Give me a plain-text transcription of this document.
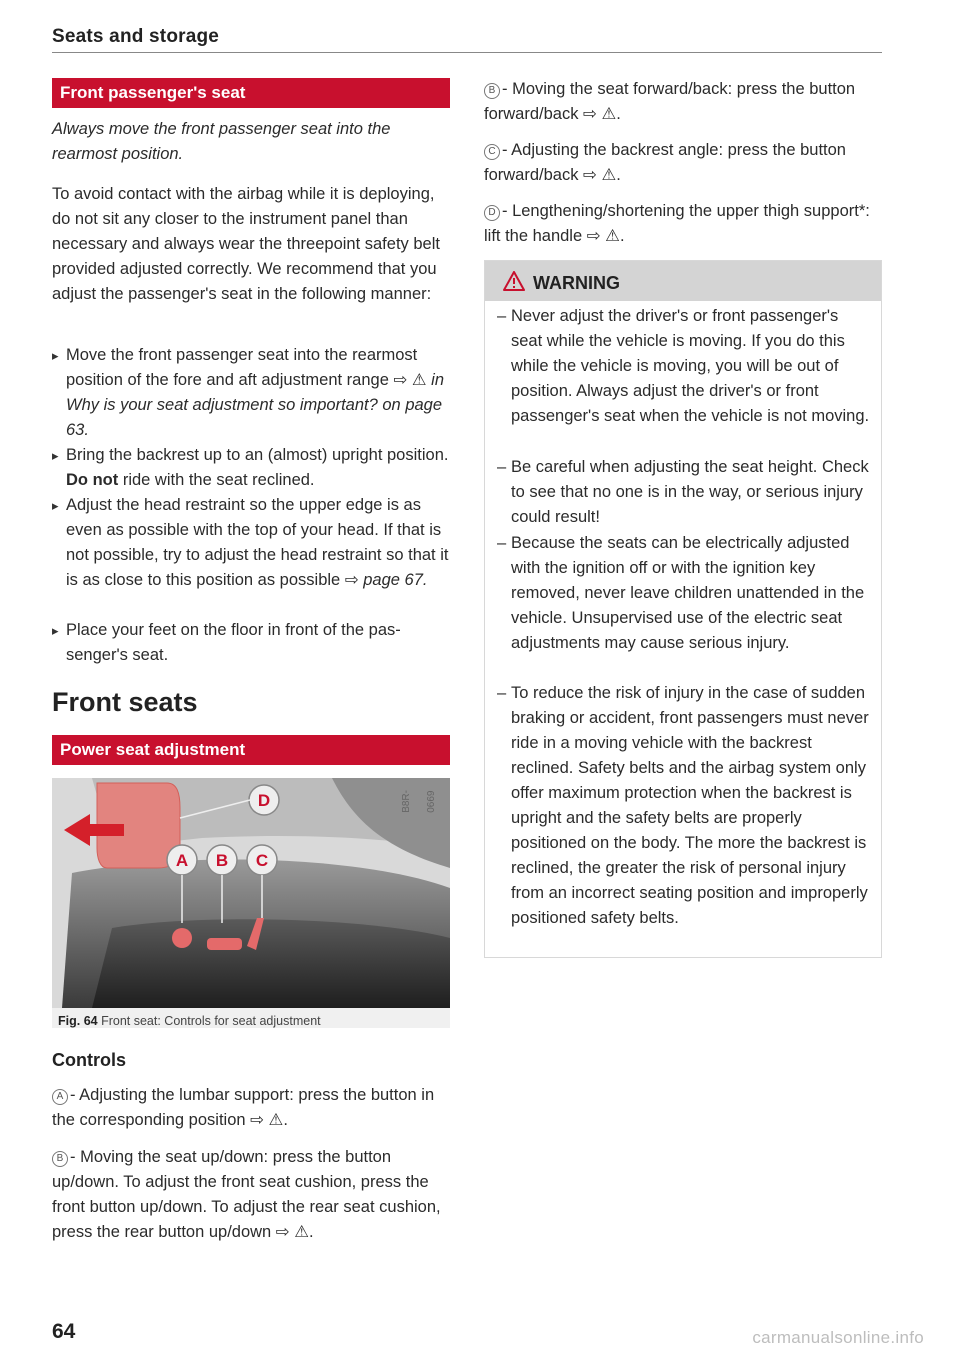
Seats and storage
Front passenger's seat

Always move the front passenger seat into the rearmost position.

To avoid contact with the airbag while it is deploying, do not sit any closer to the instrument panel than necessary and always wear the threepoint safety belt provided adjusted correctly. We recommend that you adjust the passenger's seat in the following manner:

▸ Move the front passenger seat into the rearmost position of the fore and aft adjustment range ⇨ ⚠ in Why is your seat adjustment so important? on page 63.
▸ Bring the backrest up to an (almost) upright position. Do not ride with the seat reclined.
▸ Adjust the head restraint so the upper edge is as even as possible with the top of your head. If that is not possible, try to adjust the head restraint so that it is as close to this position as possible ⇨ page 67.
▸ Place your feet on the floor in front of the passenger's seat.
Front seats
Power seat adjustment
A B C
D	B8R-0669
Fig. 64 Front seat: Controls for seat adjustment
Controls

A - Adjusting the lumbar support: press the button in the corresponding position ⇨ ⚠.

B - Moving the seat up/down: press the button up/down. To adjust the front seat cushion, press the front button up/down. To adjust the rear seat cushion, press the rear button up/down ⇨ ⚠.

B - Moving the seat forward/back: press the button forward/back ⇨ ⚠.

C - Adjusting the backrest angle: press the button forward/back ⇨ ⚠.

D - Lengthening/shortening the upper thigh support*: lift the handle ⇨ ⚠.

WARNING
– Never adjust the driver's or front passenger's seat while the vehicle is moving. If you do this while the vehicle is moving, you will be out of position. Always adjust the driver's or front passenger's seat when the vehicle is not moving.
– Be careful when adjusting the seat height. Check to see that no one is in the way, or serious injury could result!
– Because the seats can be electrically adjusted with the ignition off or with the ignition key removed, never leave children unattended in the vehicle. Unsupervised use of the electric seat adjustments may cause serious injury.
– To reduce the risk of injury in the case of sudden braking or accident, front passengers must never ride in a moving vehicle with the backrest reclined. Safety belts and the airbag system only offer maximum protection when the backrest is upright and the safety belts are properly positioned on the body. The more the backrest is reclined, the greater the risk of personal injury from an incorrect seating position and improperly positioned safety belts.
64	carmanualsonline.info
